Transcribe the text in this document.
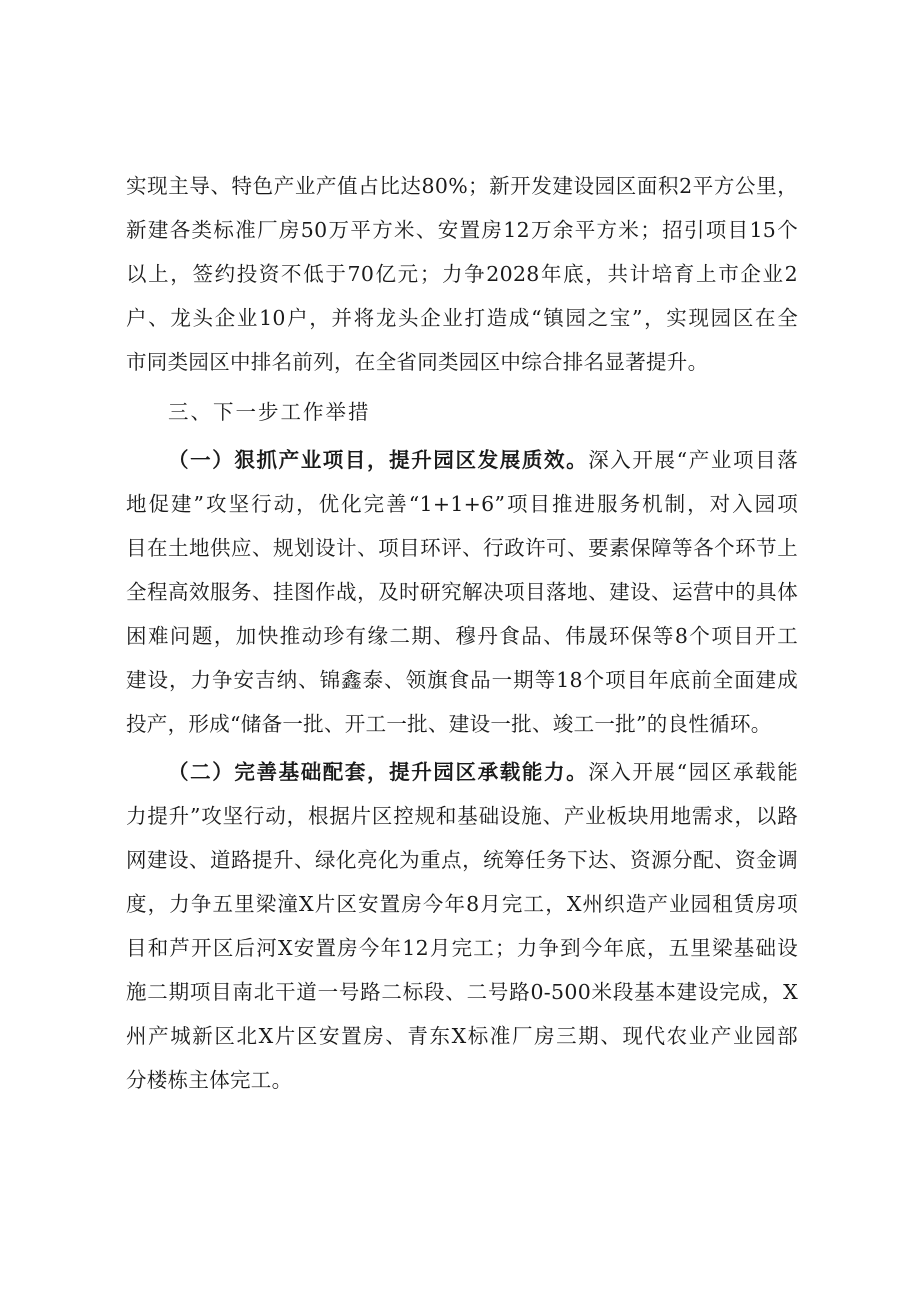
实现主导、特色产业产值占比达80%；新开发建设园区面积2平方公里，
新建各类标准厂房50万平方米、安置房12万余平方米；招引项目15个
以上，签约投资不低于70亿元；力争2028年底，共计培育上市企业2
户、龙头企业10户，并将龙头企业打造成“镇园之宝”，实现园区在全
市同类园区中排名前列，在全省同类园区中综合排名显著提升。
三、下一步工作举措
（一）狠抓产业项目，提升园区发展质效。深入开展“产业项目落
地促建”攻坚行动，优化完善“1+1+6”项目推进服务机制，对入园项
目在土地供应、规划设计、项目环评、行政许可、要素保障等各个环节上
全程高效服务、挂图作战，及时研究解决项目落地、建设、运营中的具体
困难问题，加快推动珍有缘二期、穆丹食品、伟晟环保等8个项目开工
建设，力争安吉纳、锦鑫泰、领旗食品一期等18个项目年底前全面建成
投产，形成“储备一批、开工一批、建设一批、竣工一批”的良性循环。
（二）完善基础配套，提升园区承载能力。深入开展“园区承载能
力提升”攻坚行动，根据片区控规和基础设施、产业板块用地需求，以路
网建设、道路提升、绿化亮化为重点，统筹任务下达、资源分配、资金调
度，力争五里梁潼X片区安置房今年8月完工，X州织造产业园租赁房项
目和芦开区后河X安置房今年12月完工；力争到今年底，五里梁基础设
施二期项目南北干道一号路二标段、二号路0-500米段基本建设完成，X
州产城新区北X片区安置房、青东X标准厂房三期、现代农业产业园部
分楼栋主体完工。
